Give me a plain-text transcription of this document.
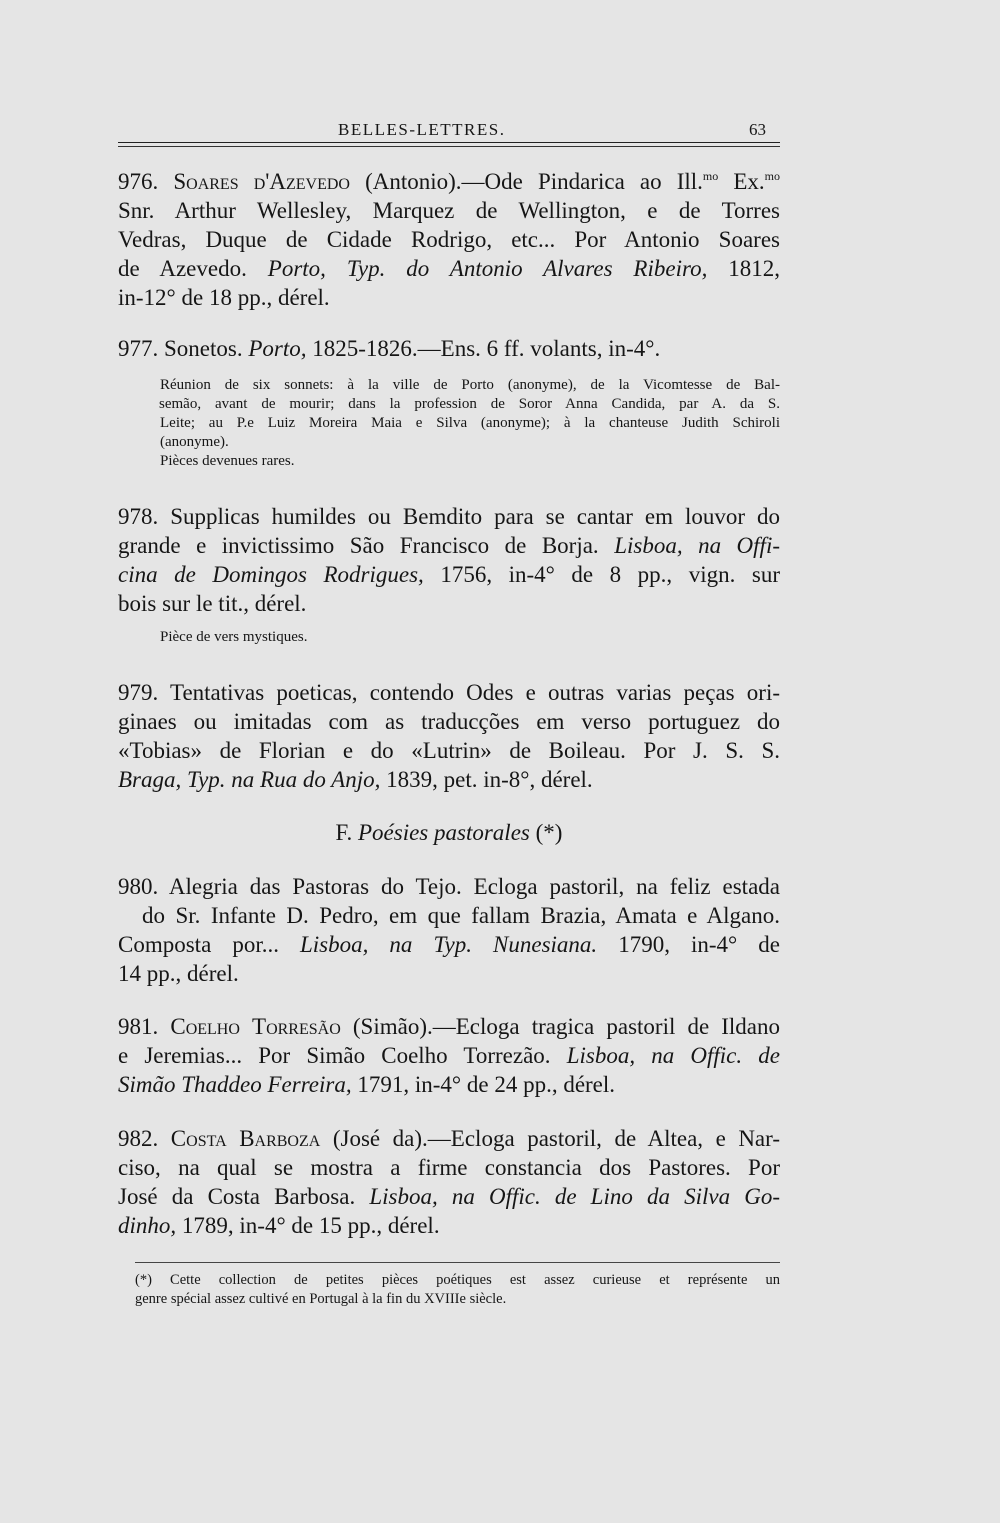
BELLES-LETTRES.	63
976. Soares d'Azevedo (Antonio).—Ode Pindarica ao Ill.$^{mo}$ Ex.$^{mo}$
Snr. Arthur Wellesley, Marquez de Wellington, e de Torres
Vedras, Duque de Cidade Rodrigo, etc... Por Antonio Soares
de Azevedo. Porto, Typ. do Antonio Alvares Ribeiro, 1812,
in-12° de 18 pp., dérel.
977. Sonetos. Porto, 1825-1826.—Ens. 6 ff. volants, in-4°.
Réunion de six sonnets: à la ville de Porto (anonyme), de la Vicomtesse de Bal-
semão, avant de mourir; dans la profession de Soror Anna Candida, par A. da S.
Leite; au P.e Luiz Moreira Maia e Silva (anonyme); à la chanteuse Judith Schiroli
(anonyme).
Pièces devenues rares.
978. Supplicas humildes ou Bemdito para se cantar em louvor do
grande e invictissimo São Francisco de Borja. Lisboa, na Offi-
cina de Domingos Rodrigues, 1756, in-4° de 8 pp., vign. sur
bois sur le tit., dérel.
Pièce de vers mystiques.
979. Tentativas poeticas, contendo Odes e outras varias peças ori-
ginaes ou imitadas com as traducções em verso portuguez do
«Tobias» de Florian e do «Lutrin» de Boileau. Por J. S. S.
Braga, Typ. na Rua do Anjo, 1839, pet. in-8°, dérel.
F. Poésies pastorales (*)
980. Alegria das Pastoras do Tejo. Ecloga pastoril, na feliz estada
do Sr. Infante D. Pedro, em que fallam Brazia, Amata e Algano.
Composta por... Lisboa, na Typ. Nunesiana. 1790, in-4° de
14 pp., dérel.
981. Coelho Torresão (Simão).—Ecloga tragica pastoril de Ildano
e Jeremias... Por Simão Coelho Torrezão. Lisboa, na Offic. de
Simão Thaddeo Ferreira, 1791, in-4° de 24 pp., dérel.
982. Costa Barboza (José da).—Ecloga pastoril, de Altea, e Nar-
ciso, na qual se mostra a firme constancia dos Pastores. Por
José da Costa Barbosa. Lisboa, na Offic. de Lino da Silva Go-
dinho, 1789, in-4° de 15 pp., dérel.
(*) Cette collection de petites pièces poétiques est assez curieuse et représente un
genre spécial assez cultivé en Portugal à la fin du XVIIIe siècle.
